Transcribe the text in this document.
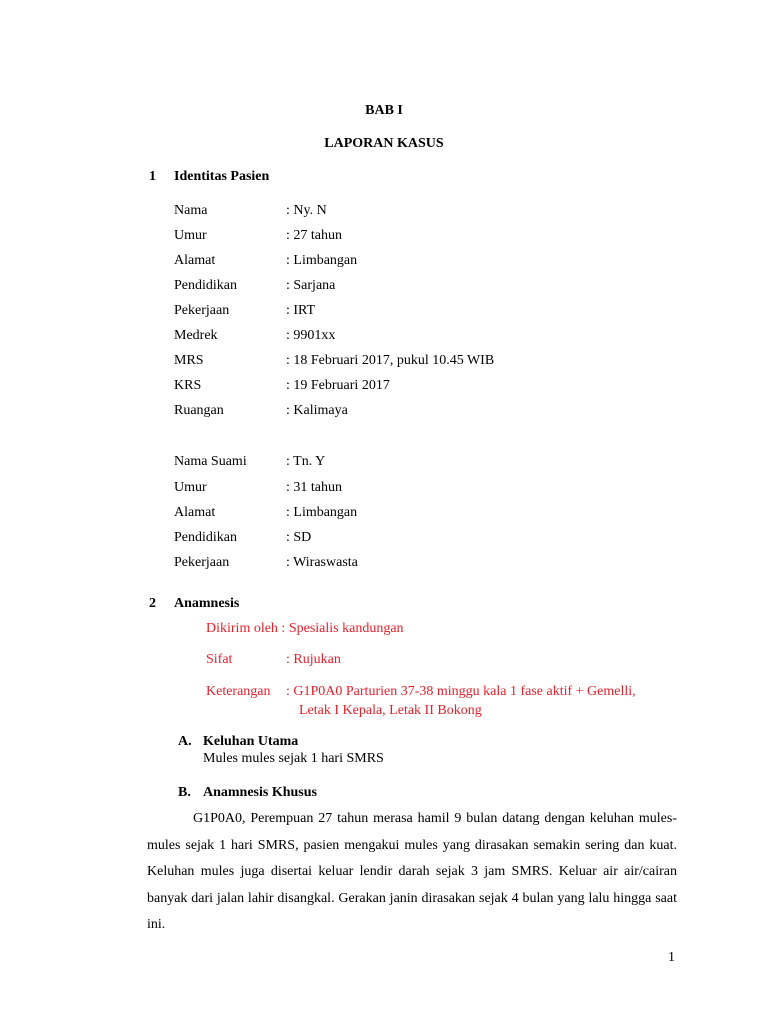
BAB I
LAPORAN KASUS
1 Identitas Pasien
Nama	: Ny. N
Umur	: 27 tahun
Alamat	: Limbangan
Pendidikan	: Sarjana
Pekerjaan	: IRT
Medrek	: 9901xx
MRS	: 18 Februari 2017, pukul 10.45 WIB
KRS	: 19 Februari 2017
Ruangan	: Kalimaya
Nama Suami	: Tn. Y
Umur	: 31 tahun
Alamat	: Limbangan
Pendidikan	: SD
Pekerjaan	: Wiraswasta
2 Anamnesis
Dikirim oleh : Spesialis kandungan
Sifat	: Rujukan
Keterangan : G1P0A0 Parturien 37-38 minggu kala 1 fase aktif + Gemelli,
Letak I Kepala, Letak II Bokong
A. Keluhan Utama
Mules mules sejak 1 hari SMRS
B. Anamnesis Khusus
G1P0A0, Perempuan 27 tahun merasa hamil 9 bulan datang dengan keluhan mules-mules sejak 1 hari SMRS, pasien mengakui mules yang dirasakan semakin sering dan kuat. Keluhan mules juga disertai keluar lendir darah sejak 3 jam SMRS. Keluar air air/cairan banyak dari jalan lahir disangkal. Gerakan janin dirasakan sejak 4 bulan yang lalu hingga saat ini.
1
